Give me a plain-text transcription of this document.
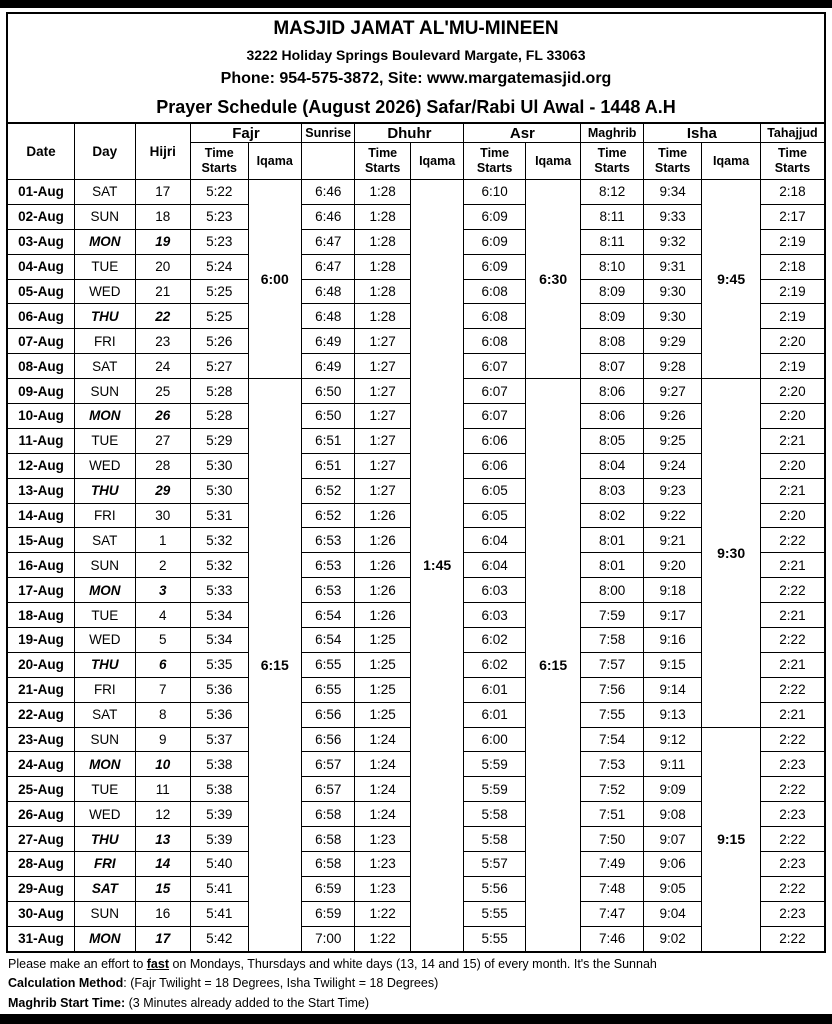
MASJID JAMAT AL'MU-MINEEN
3222 Holiday Springs Boulevard Margate, FL 33063
Phone: 954-575-3872, Site: www.margatemasjid.org
Prayer Schedule (August 2026) Safar/Rabi Ul Awal - 1448 A.H
Date	Day	Hijri	Fajr		Sunrise	Dhuhr		Asr		Maghrib	Isha		Tahajjud
			Time Starts	Iqama		Time Starts	Iqama	Time Starts	Iqama	Time Starts	Time Starts	Iqama	Time Starts
01-Aug	SAT	17	5:22	6:00	6:46	1:28	1:45	6:10	6:30	8:12	9:34	9:45	2:18
02-Aug	SUN	18	5:23		6:46	1:28		6:09		8:11	9:33		2:17
03-Aug	MON	19	5:23		6:47	1:28		6:09		8:11	9:32		2:19
04-Aug	TUE	20	5:24		6:47	1:28		6:09		8:10	9:31		2:18
05-Aug	WED	21	5:25		6:48	1:28		6:08		8:09	9:30		2:19
06-Aug	THU	22	5:25		6:48	1:28		6:08		8:09	9:30		2:19
07-Aug	FRI	23	5:26		6:49	1:27		6:08		8:08	9:29		2:20
08-Aug	SAT	24	5:27		6:49	1:27		6:07		8:07	9:28		2:19
09-Aug	SUN	25	5:28	6:15	6:50	1:27		6:07	6:15	8:06	9:27	9:30	2:20
10-Aug	MON	26	5:28		6:50	1:27		6:07		8:06	9:26		2:20
11-Aug	TUE	27	5:29		6:51	1:27		6:06		8:05	9:25		2:21
12-Aug	WED	28	5:30		6:51	1:27		6:06		8:04	9:24		2:20
13-Aug	THU	29	5:30		6:52	1:27		6:05		8:03	9:23		2:21
14-Aug	FRI	30	5:31		6:52	1:26		6:05		8:02	9:22		2:20
15-Aug	SAT	1	5:32		6:53	1:26		6:04		8:01	9:21		2:22
16-Aug	SUN	2	5:32		6:53	1:26		6:04		8:01	9:20		2:21
17-Aug	MON	3	5:33		6:53	1:26		6:03		8:00	9:18		2:22
18-Aug	TUE	4	5:34		6:54	1:26		6:03		7:59	9:17		2:21
19-Aug	WED	5	5:34		6:54	1:25		6:02		7:58	9:16		2:22
20-Aug	THU	6	5:35		6:55	1:25		6:02		7:57	9:15		2:21
21-Aug	FRI	7	5:36		6:55	1:25		6:01		7:56	9:14		2:22
22-Aug	SAT	8	5:36		6:56	1:25		6:01		7:55	9:13		2:21
23-Aug	SUN	9	5:37		6:56	1:24		6:00		7:54	9:12	9:15	2:22
24-Aug	MON	10	5:38		6:57	1:24		5:59		7:53	9:11		2:23
25-Aug	TUE	11	5:38		6:57	1:24		5:59		7:52	9:09		2:22
26-Aug	WED	12	5:39		6:58	1:24		5:58		7:51	9:08		2:23
27-Aug	THU	13	5:39		6:58	1:23		5:58		7:50	9:07		2:22
28-Aug	FRI	14	5:40		6:58	1:23		5:57		7:49	9:06		2:23
29-Aug	SAT	15	5:41		6:59	1:23		5:56		7:48	9:05		2:22
30-Aug	SUN	16	5:41		6:59	1:22		5:55		7:47	9:04		2:23
31-Aug	MON	17	5:42		7:00	1:22		5:55		7:46	9:02		2:22
Please make an effort to fast on Mondays, Thursdays and white days (13, 14 and 15) of every month. It's the Sunnah
Calculation Method: (Fajr Twilight = 18 Degrees, Isha Twilight = 18 Degrees)
Maghrib Start Time: (3 Minutes already added to the Start Time)
